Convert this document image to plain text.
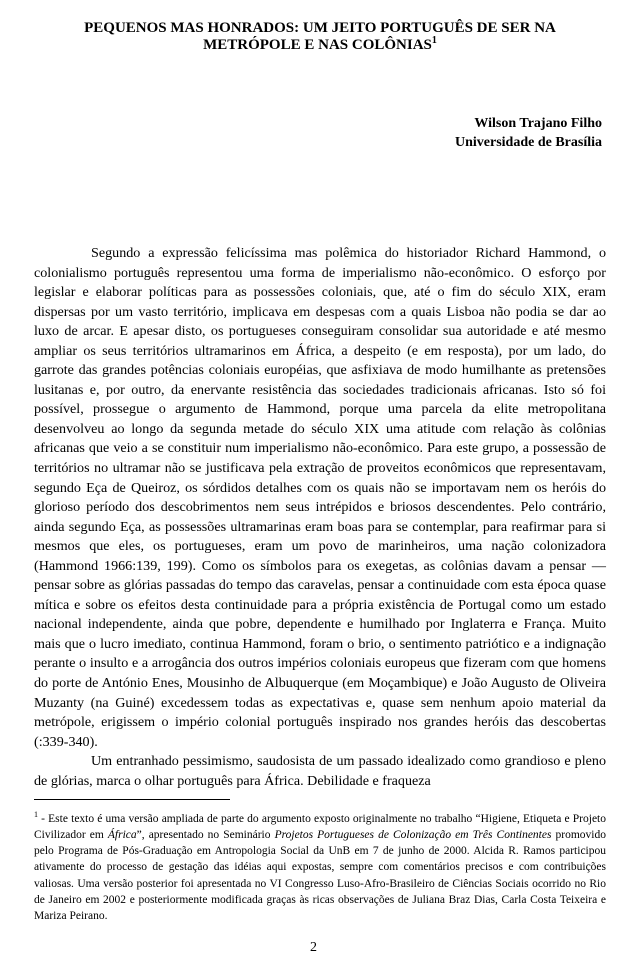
PEQUENOS MAS HONRADOS: UM JEITO PORTUGUÊS DE SER NA
METRÓPOLE E NAS COLÔNIAS$^1$
Wilson Trajano Filho
Universidade de Brasília

Segundo a expressão felicíssima mas polêmica do historiador Richard Hammond, o colonialismo português representou uma forma de imperialismo não-econômico. O esforço por legislar e elaborar políticas para as possessões coloniais, que, até o fim do século XIX, eram dispersas por um vasto território, implicava em despesas com a quais Lisboa não podia se dar ao luxo de arcar. E apesar disto, os portugueses conseguiram consolidar sua autoridade e até mesmo ampliar os seus territórios ultramarinos em África, a despeito (e em resposta), por um lado, do garrote das grandes potências coloniais européias, que asfixiava de modo humilhante as pretensões lusitanas e, por outro, da enervante resistência das sociedades tradicionais africanas. Isto só foi possível, prossegue o argumento de Hammond, porque uma parcela da elite metropolitana desenvolveu ao longo da segunda metade do século XIX uma atitude com relação às colônias africanas que veio a se constituir num imperialismo não-econômico. Para este grupo, a possessão de territórios no ultramar não se justificava pela extração de proveitos econômicos que representavam, segundo Eça de Queiroz, os sórdidos detalhes com os quais não se importavam nem os heróis do glorioso período dos descobrimentos nem seus intrépidos e briosos descendentes. Pelo contrário, ainda segundo Eça, as possessões ultramarinas eram boas para se contemplar, para reafirmar para si mesmos que eles, os portugueses, eram um povo de marinheiros, uma nação colonizadora (Hammond 1966:139, 199). Como os símbolos para os exegetas, as colônias davam a pensar — pensar sobre as glórias passadas do tempo das caravelas, pensar a continuidade com esta época quase mítica e sobre os efeitos desta continuidade para a própria existência de Portugal como um estado nacional independente, ainda que pobre, dependente e humilhado por Inglaterra e França. Muito mais que o lucro imediato, continua Hammond, foram o brio, o sentimento patriótico e a indignação perante o insulto e a arrogância dos outros impérios coloniais europeus que fizeram com que homens do porte de António Enes, Mousinho de Albuquerque (em Moçambique) e João Augusto de Oliveira Muzanty (na Guiné) excedessem todas as expectativas e, quase sem nenhum apoio material da metrópole, erigissem o império colonial português inspirado nos grandes heróis das descobertas (:339-340).

Um entranhado pessimismo, saudosista de um passado idealizado como grandioso e pleno de glórias, marca o olhar português para África. Debilidade e fraqueza

$^1$ - Este texto é uma versão ampliada de parte do argumento exposto originalmente no trabalho “Higiene, Etiqueta e Projeto Civilizador em África”, apresentado no Seminário Projetos Portugueses de Colonização em Três Continentes promovido pelo Programa de Pós-Graduação em Antropologia Social da UnB em 7 de junho de 2000. Alcida R. Ramos participou ativamente do processo de gestação das idéias aqui expostas, sempre com comentários precisos e com contribuições valiosas. Uma versão posterior foi apresentada no VI Congresso Luso-Afro-Brasileiro de Ciências Sociais ocorrido no Rio de Janeiro em 2002 e posteriormente modificada graças às ricas observações de Juliana Braz Dias, Carla Costa Teixeira e Mariza Peirano.
2
